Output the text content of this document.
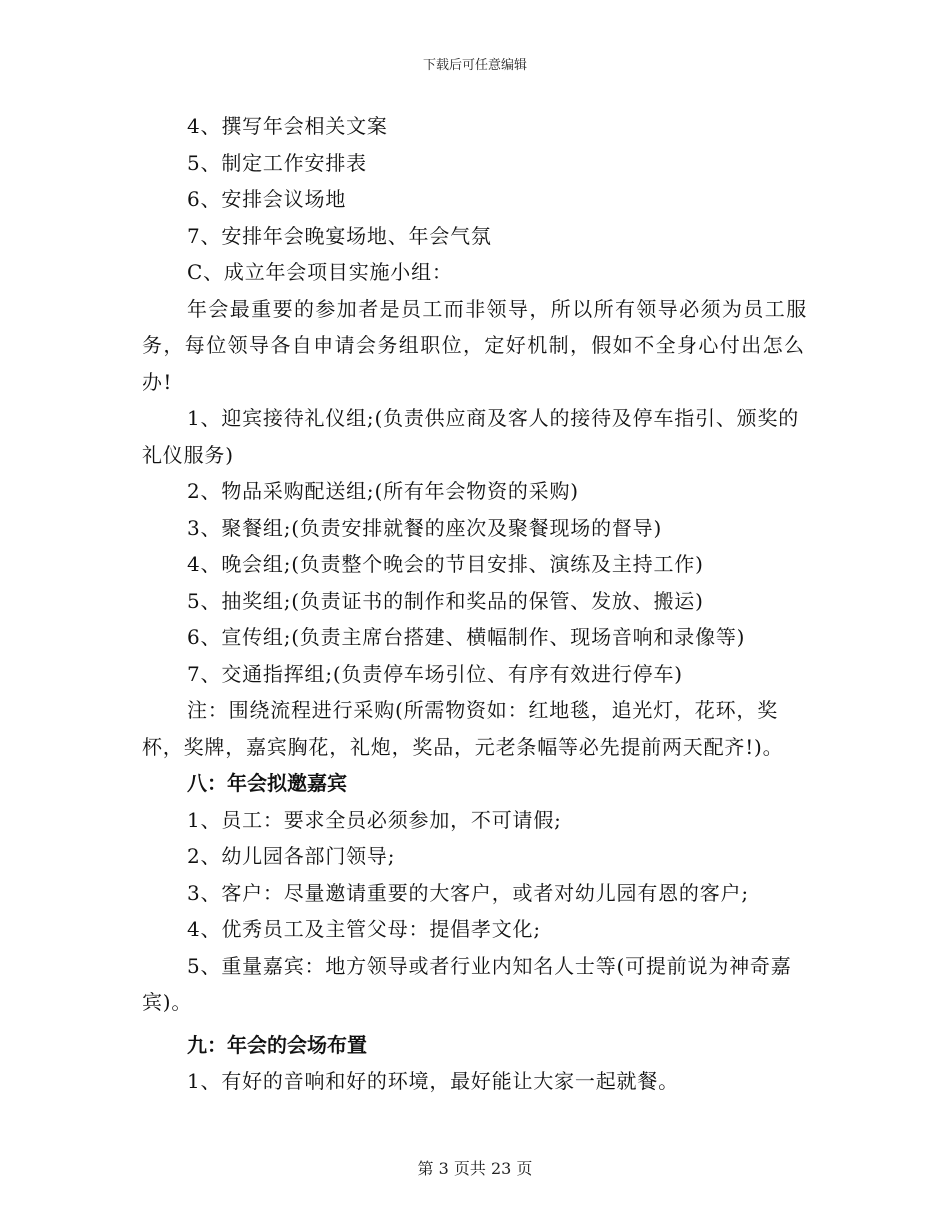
下载后可任意编辑

4、撰写年会相关文案

5、制定工作安排表

6、安排会议场地

7、安排年会晚宴场地、年会气氛

C、成立年会项目实施小组：

年会最重要的参加者是员工而非领导，所以所有领导必须为员工服务，每位领导各自申请会务组职位，定好机制，假如不全身心付出怎么办!

1、迎宾接待礼仪组;(负责供应商及客人的接待及停车指引、颁奖的礼仪服务)

2、物品采购配送组;(所有年会物资的采购)

3、聚餐组;(负责安排就餐的座次及聚餐现场的督导)

4、晚会组;(负责整个晚会的节目安排、演练及主持工作)

5、抽奖组;(负责证书的制作和奖品的保管、发放、搬运)

6、宣传组;(负责主席台搭建、横幅制作、现场音响和录像等)

7、交通指挥组;(负责停车场引位、有序有效进行停车)

注：围绕流程进行采购(所需物资如：红地毯，追光灯，花环，奖杯，奖牌，嘉宾胸花，礼炮，奖品，元老条幅等必先提前两天配齐!)。

八：年会拟邀嘉宾

1、员工：要求全员必须参加，不可请假;

2、幼儿园各部门领导;

3、客户：尽量邀请重要的大客户，或者对幼儿园有恩的客户;

4、优秀员工及主管父母：提倡孝文化;

5、重量嘉宾：地方领导或者行业内知名人士等(可提前说为神奇嘉宾)。

九：年会的会场布置

1、有好的音响和好的环境，最好能让大家一起就餐。

第 3 页共 23 页
